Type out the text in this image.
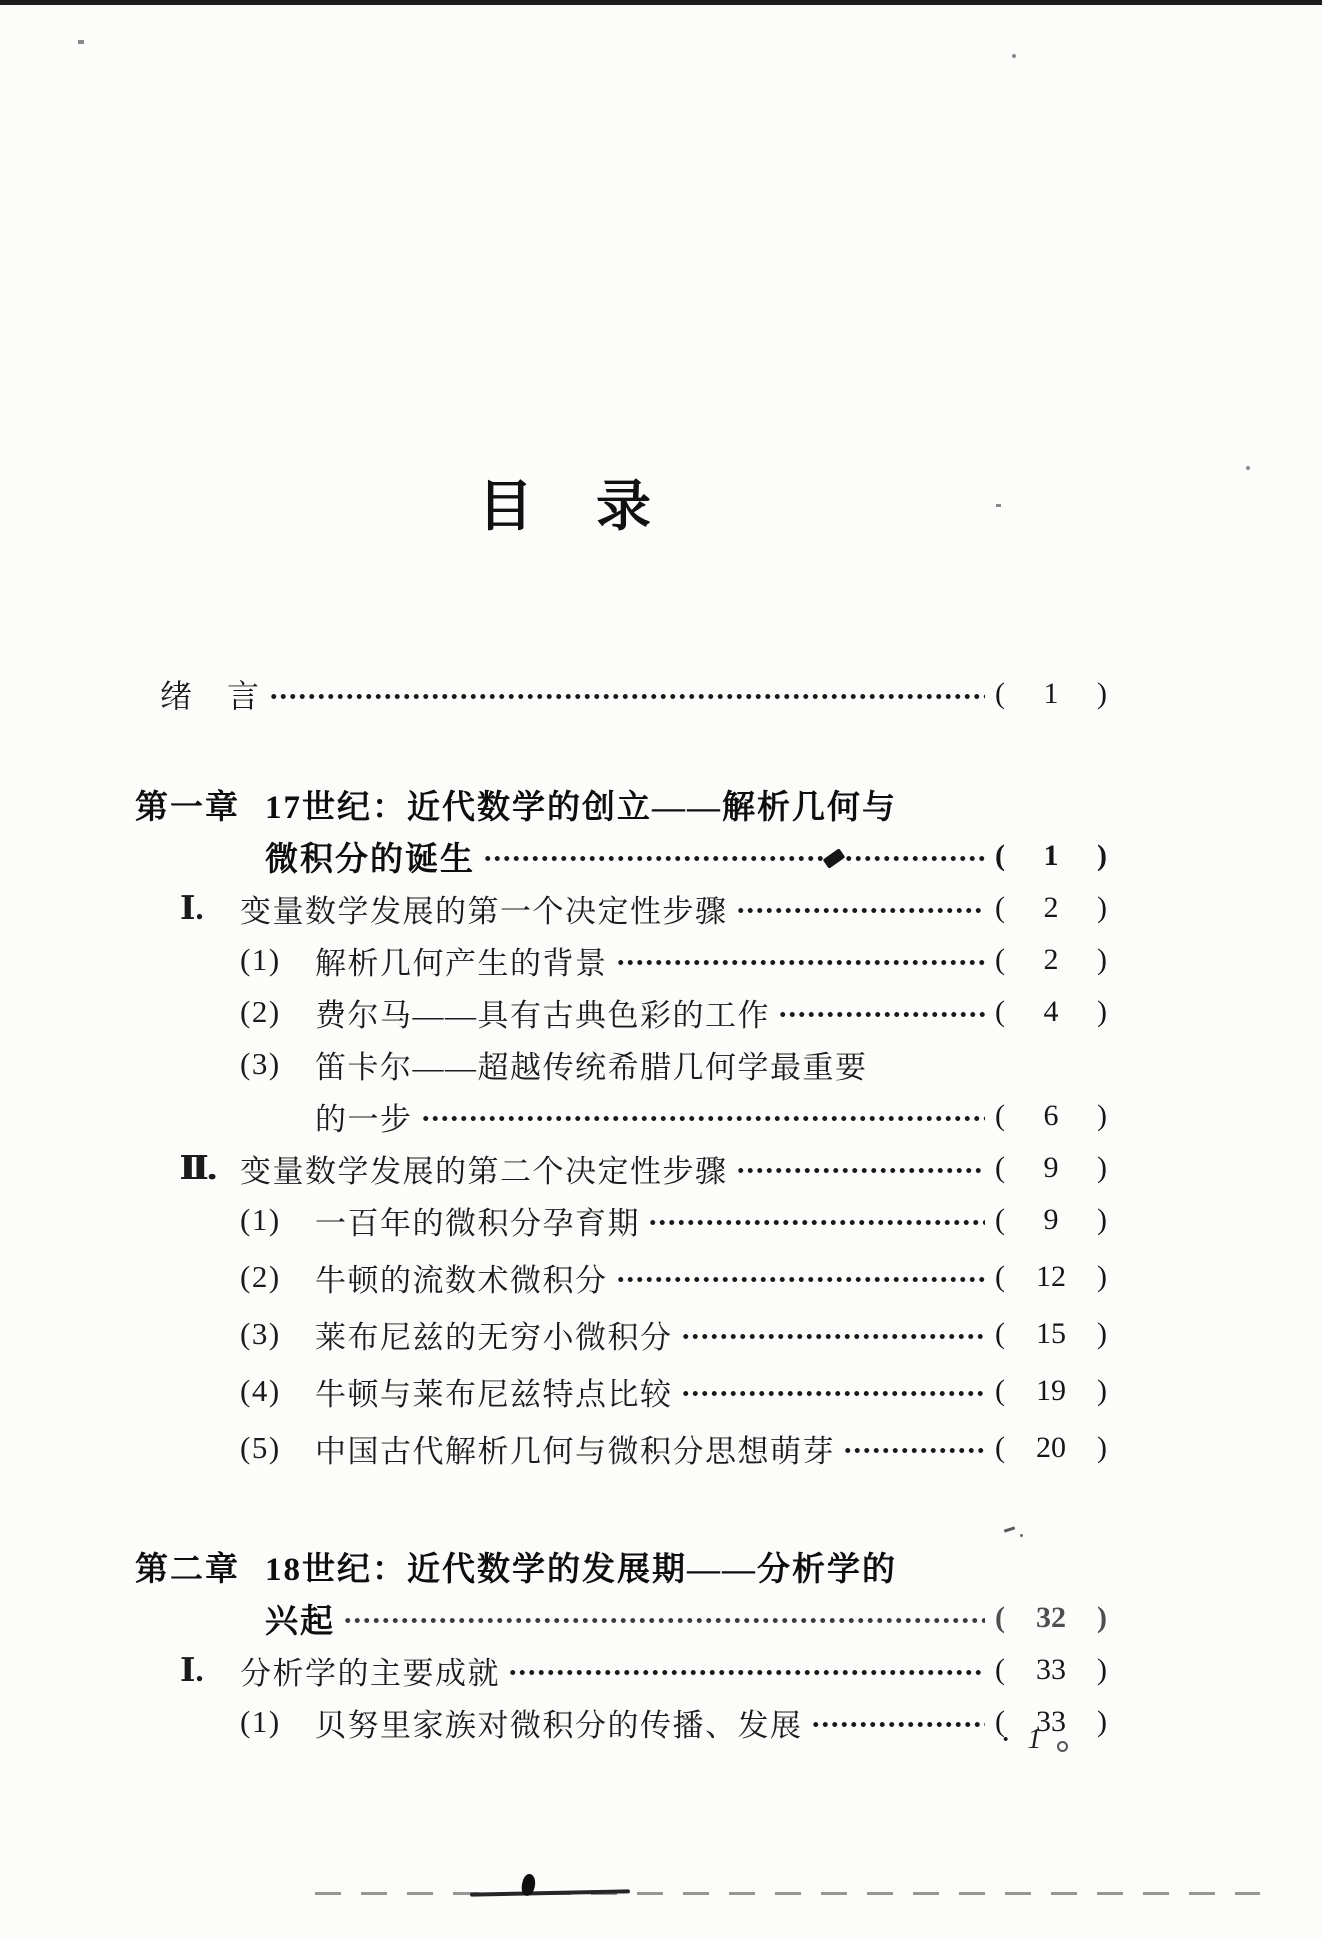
目　录
绪　言	( 1 )
第一章 17世纪：近代数学的创立——解析几何与
微积分的诞生	( 1 )
Ⅰ.	变量数学发展的第一个决定性步骤	( 2 )
(1)	解析几何产生的背景	( 2 )
(2)	费尔马——具有古典色彩的工作	( 4 )
(3)	笛卡尔——超越传统希腊几何学最重要
的一步	( 6 )
Ⅱ. 变量数学发展的第二个决定性步骤	( 9 )
(1)	一百年的微积分孕育期	( 9 )
(2)	牛顿的流数术微积分	( 12 )
(3)	莱布尼兹的无穷小微积分	( 15 )
(4)	牛顿与莱布尼兹特点比较	( 19 )
(5)	中国古代解析几何与微积分思想萌芽	( 20 )
第二章 18世纪：近代数学的发展期——分析学的
兴起	( 32 )
Ⅰ.	分析学的主要成就	( 33 )
(1)	贝努里家族对微积分的传播、发展	( 33 )
· 1
